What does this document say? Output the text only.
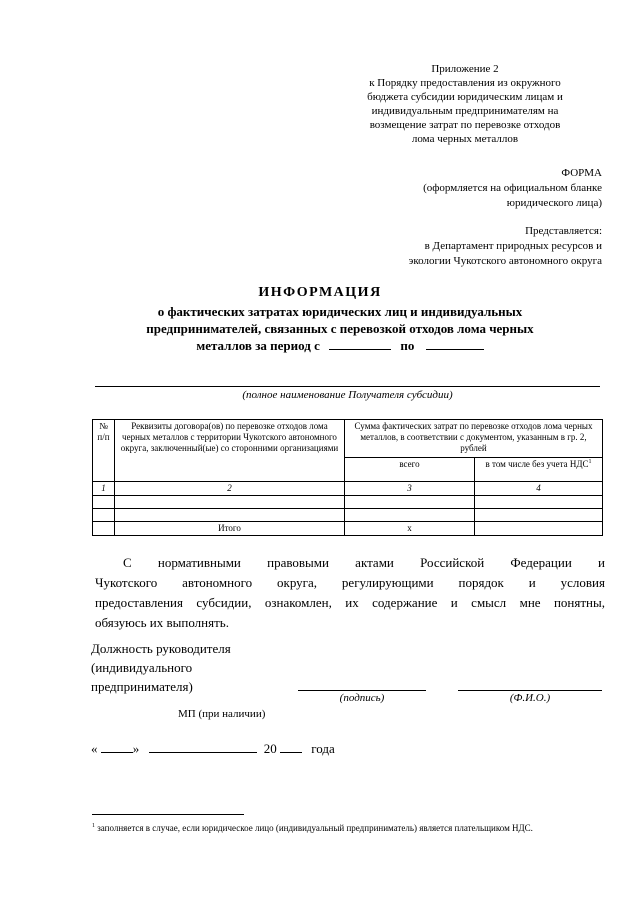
Приложение 2
к Порядку предоставления из окружного
бюджета субсидии юридическим лицам и
индивидуальным предпринимателям на
возмещение затрат по перевозке отходов
лома черных металлов
ФОРМА
(оформляется на официальном бланке
юридического лица)
Представляется:
в Департамент природных ресурсов и
экологии Чукотского автономного округа
ИНФОРМАЦИЯ
о фактических затратах юридических лиц и индивидуальных
предпринимателей, связанных с перевозкой отходов лома черных
металлов за период с	по
(полное наименование Получателя субсидии)
№ п/п	Реквизиты договора(ов) по перевозке отходов лома черных металлов с территории Чукотского автономного округа, заключенный(ые) со сторонними организациями	Сумма фактических затрат по перевозке отходов лома черных металлов, в соответствии с документом, указанным в гр. 2, рублей	
		всего	в том числе без учета НДС$^1$
1	2	3	4

	Итого	х	
С нормативными правовыми актами Российской Федерации и
Чукотского автономного округа, регулирующими порядок и условия
предоставления субсидии, ознакомлен, их содержание и смысл мне понятны,
обязуюсь их выполнять.
Должность руководителя
(индивидуального
предпринимателя)
(подпись)	(Ф.И.О.)
МП (при наличии)
«	»	20	года
$^1$ заполняется в случае, если юридическое лицо (индивидуальный предприниматель) является плательщиком НДС.
